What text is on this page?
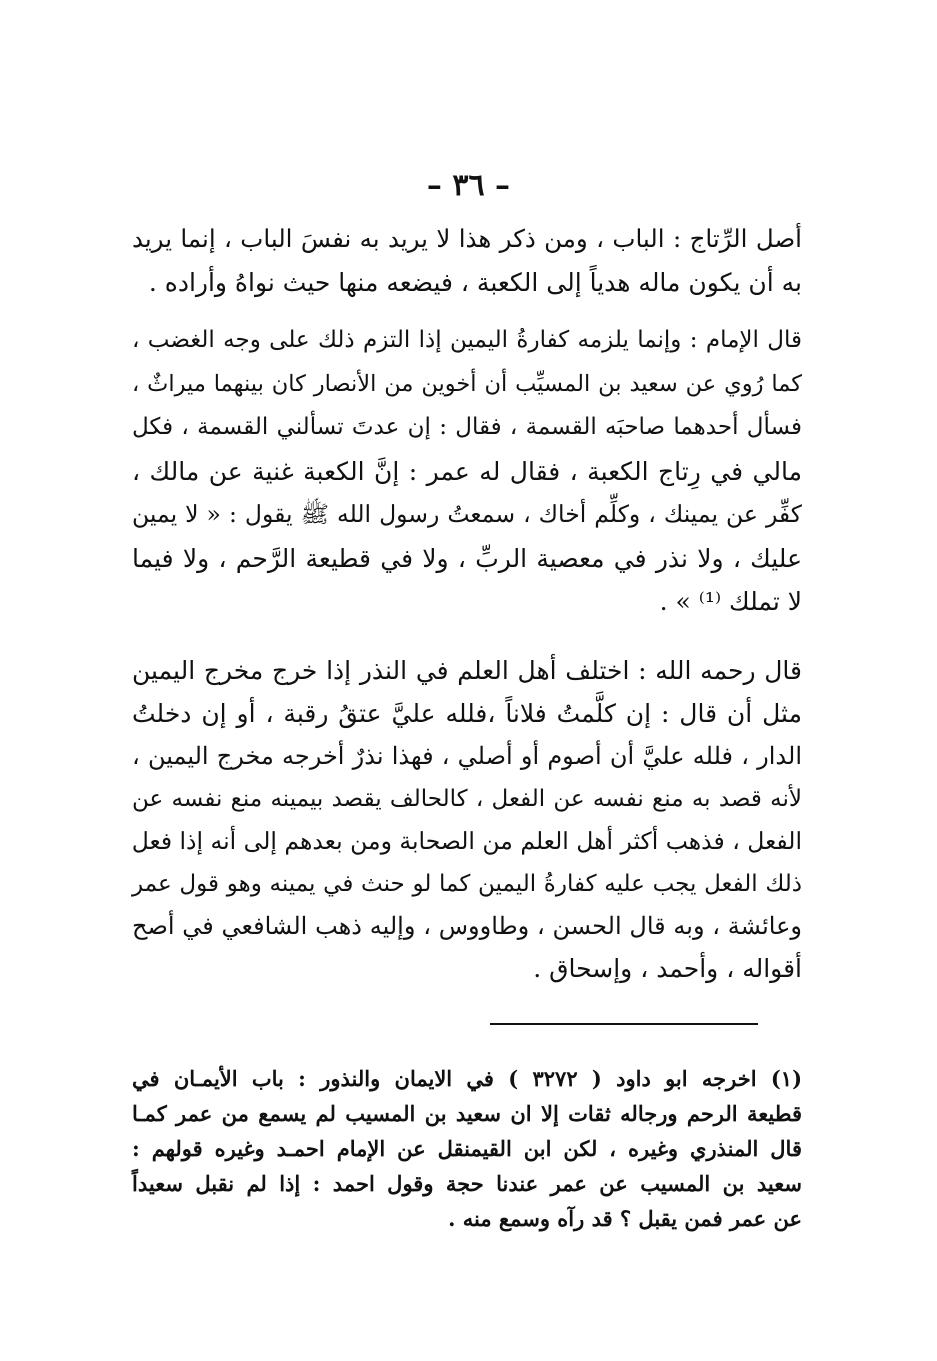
– ٣٦ –
أصل الرِّتاج : الباب ، ومن ذكر هذا لا يريد به نفسَ الباب ، إنما يريد
به أن يكون ماله هدياً إلى الكعبة ، فيضعه منها حيث نواهُ وأراده .
قال الإمام : وإنما يلزمه كفارةُ اليمين إذا التزم ذلك على وجه الغضب ،
كما رُوي عن سعيد بن المسيِّب أن أخوين من الأنصار كان بينهما ميراثٌ ،
فسأل أحدهما صاحبَه القسمة ، فقال : إن عدتَ تسألني القسمة ، فكل
مالي في رِتاج الكعبة ، فقال له عمر : إنَّ الكعبة غنية عن مالك ،
كفِّر عن يمينك ، وكلِّم أخاك ، سمعتُ رسول الله ﷺ يقول : « لا يمين
عليك ، ولا نذر في معصية الربِّ ، ولا في قطيعة الرَّحم ، ولا فيما
لا تملك ⁽¹⁾ » .
قال رحمه الله : اختلف أهل العلم في النذر إذا خرج مخرج اليمين
مثل أن قال : إن كلَّمتُ فلاناً ،فلله عليَّ عتقُ رقبة ، أو إن دخلتُ
الدار ، فلله عليَّ أن أصوم أو أصلي ، فهذا نذرٌ أخرجه مخرج اليمين ،
لأنه قصد به منع نفسه عن الفعل ، كالحالف يقصد بيمينه منع نفسه عن
الفعل ، فذهب أكثر أهل العلم من الصحابة ومن بعدهم إلى أنه إذا فعل
ذلك الفعل يجب عليه كفارةُ اليمين كما لو حنث في يمينه وهو قول عمر
وعائشة ، وبه قال الحسن ، وطاووس ، وإليه ذهب الشافعي في أصح
أقواله ، وأحمد ، وإسحاق .
(١) اخرجه ابو داود ( ٣٢٧٢ ) في الايمان والنذور : باب الأيمـان في
قطيعة الرحم ورجاله ثقات إلا ان سعيد بن المسيب لم يسمع من عمر كمـا
قال المنذري وغيره ، لكن ابن القيمنقل عن الإمام احمـد وغيره قولهم :
سعيد بن المسيب عن عمر عندنا حجة وقول احمد : إذا لم نقبل سعيداً
عن عمر فمن يقبل ؟ قد رآه وسمع منه .
